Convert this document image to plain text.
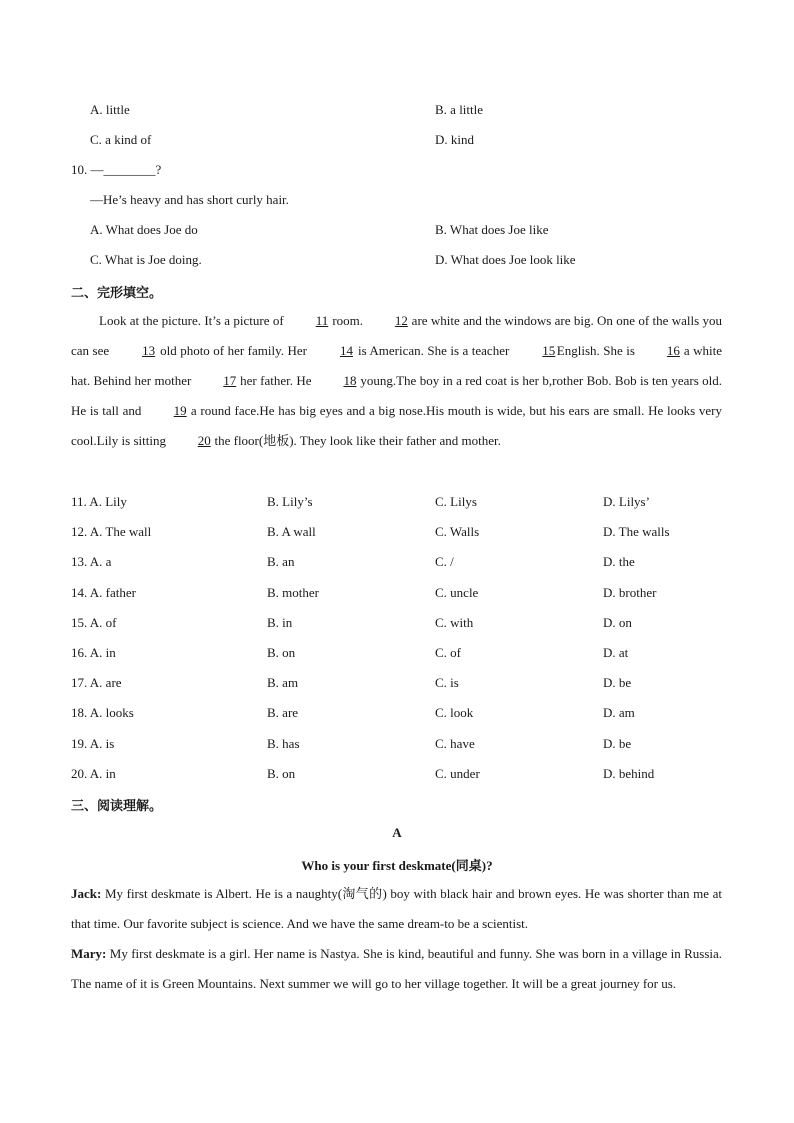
A. little	B. a little
C. a kind of	D. kind
10. —________?
—He’s heavy and has short curly hair.
A. What does Joe do	B. What does Joe like
C. What is Joe doing.	D. What does Joe look like
二、完形填空。
Look at the picture. It’s a picture of 11 room. 12 are white and the windows are big. On one of the walls you can see	13 old photo of her family. Her	14 is American. She is a teacher	15 English. She is 16 a white hat. Behind her mother 17 her father. He 18 young.The boy in a red coat is her b,rother Bob. Bob is ten years old. He is tall and 19 a round face.He has big eyes and a big nose.His mouth is wide, but his ears are small. He looks very cool.Lily is sitting 20 the floor(地板). They look like their father and mother.
11. A. Lily	B. Lily’s	C. Lilys	D. Lilys’
12. A. The wall	B. A wall	C. Walls	D. The walls
13. A. a	B. an	C. /	D. the
14. A. father	B. mother	C. uncle	D. brother
15. A. of	B. in	C. with	D. on
16. A. in	B. on	C. of	D. at
17. A. are	B. am	C. is	D. be
18. A. looks	B. are	C. look	D. am
19. A. is	B. has	C. have	D. be
20. A. in	B. on	C. under	D. behind
三、阅读理解。
A
Who is your first deskmate(同桌)?
Jack: My first deskmate is Albert. He is a naughty(淘气的) boy with black hair and brown eyes. He was shorter than me at that time. Our favorite subject is science. And we have the same dream-to be a scientist.
Mary: My first deskmate is a girl. Her name is Nastya. She is kind, beautiful and funny. She was born in a village in Russia. The name of it is Green Mountains. Next summer we will go to her village together. It will be a great journey for us.
